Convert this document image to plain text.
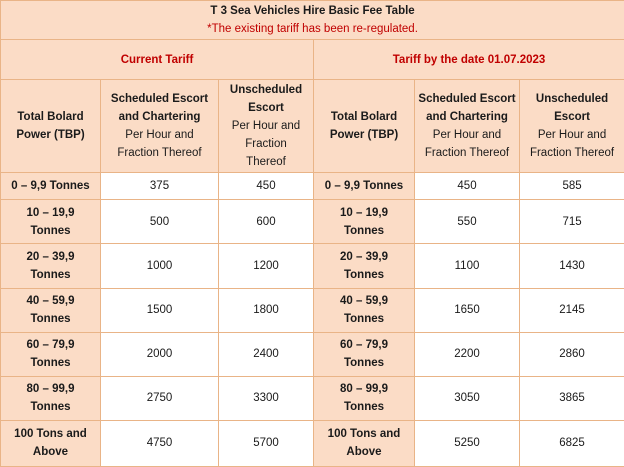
T 3 Sea Vehicles Hire Basic Fee Table
*The existing tariff has been re-regulated.					

Current Tariff			Tariff by the date 01.07.2023		

Total Bolard
Power (TBP)	Scheduled Escort
and Chartering
Per Hour and
Fraction Thereof	Unscheduled
Escort
Per Hour and
Fraction
Thereof	Total Bolard
Power (TBP)	Scheduled Escort
and Chartering
Per Hour and
Fraction Thereof	Unscheduled
Escort
Per Hour and
Fraction Thereof

0 – 9,9 Tonnes	375	450	0 – 9,9 Tonnes	450	585

10 – 19,9
Tonnes	500	600	10 – 19,9
Tonnes	550	715

20 – 39,9
Tonnes	1000	1200	20 – 39,9
Tonnes	1100	1430

40 – 59,9
Tonnes	1500	1800	40 – 59,9
Tonnes	1650	2145

60 – 79,9
Tonnes	2000	2400	60 – 79,9
Tonnes	2200	2860

80 – 99,9
Tonnes	2750	3300	80 – 99,9
Tonnes	3050	3865

100 Tons and
Above	4750	5700	100 Tons and
Above	5250	6825
